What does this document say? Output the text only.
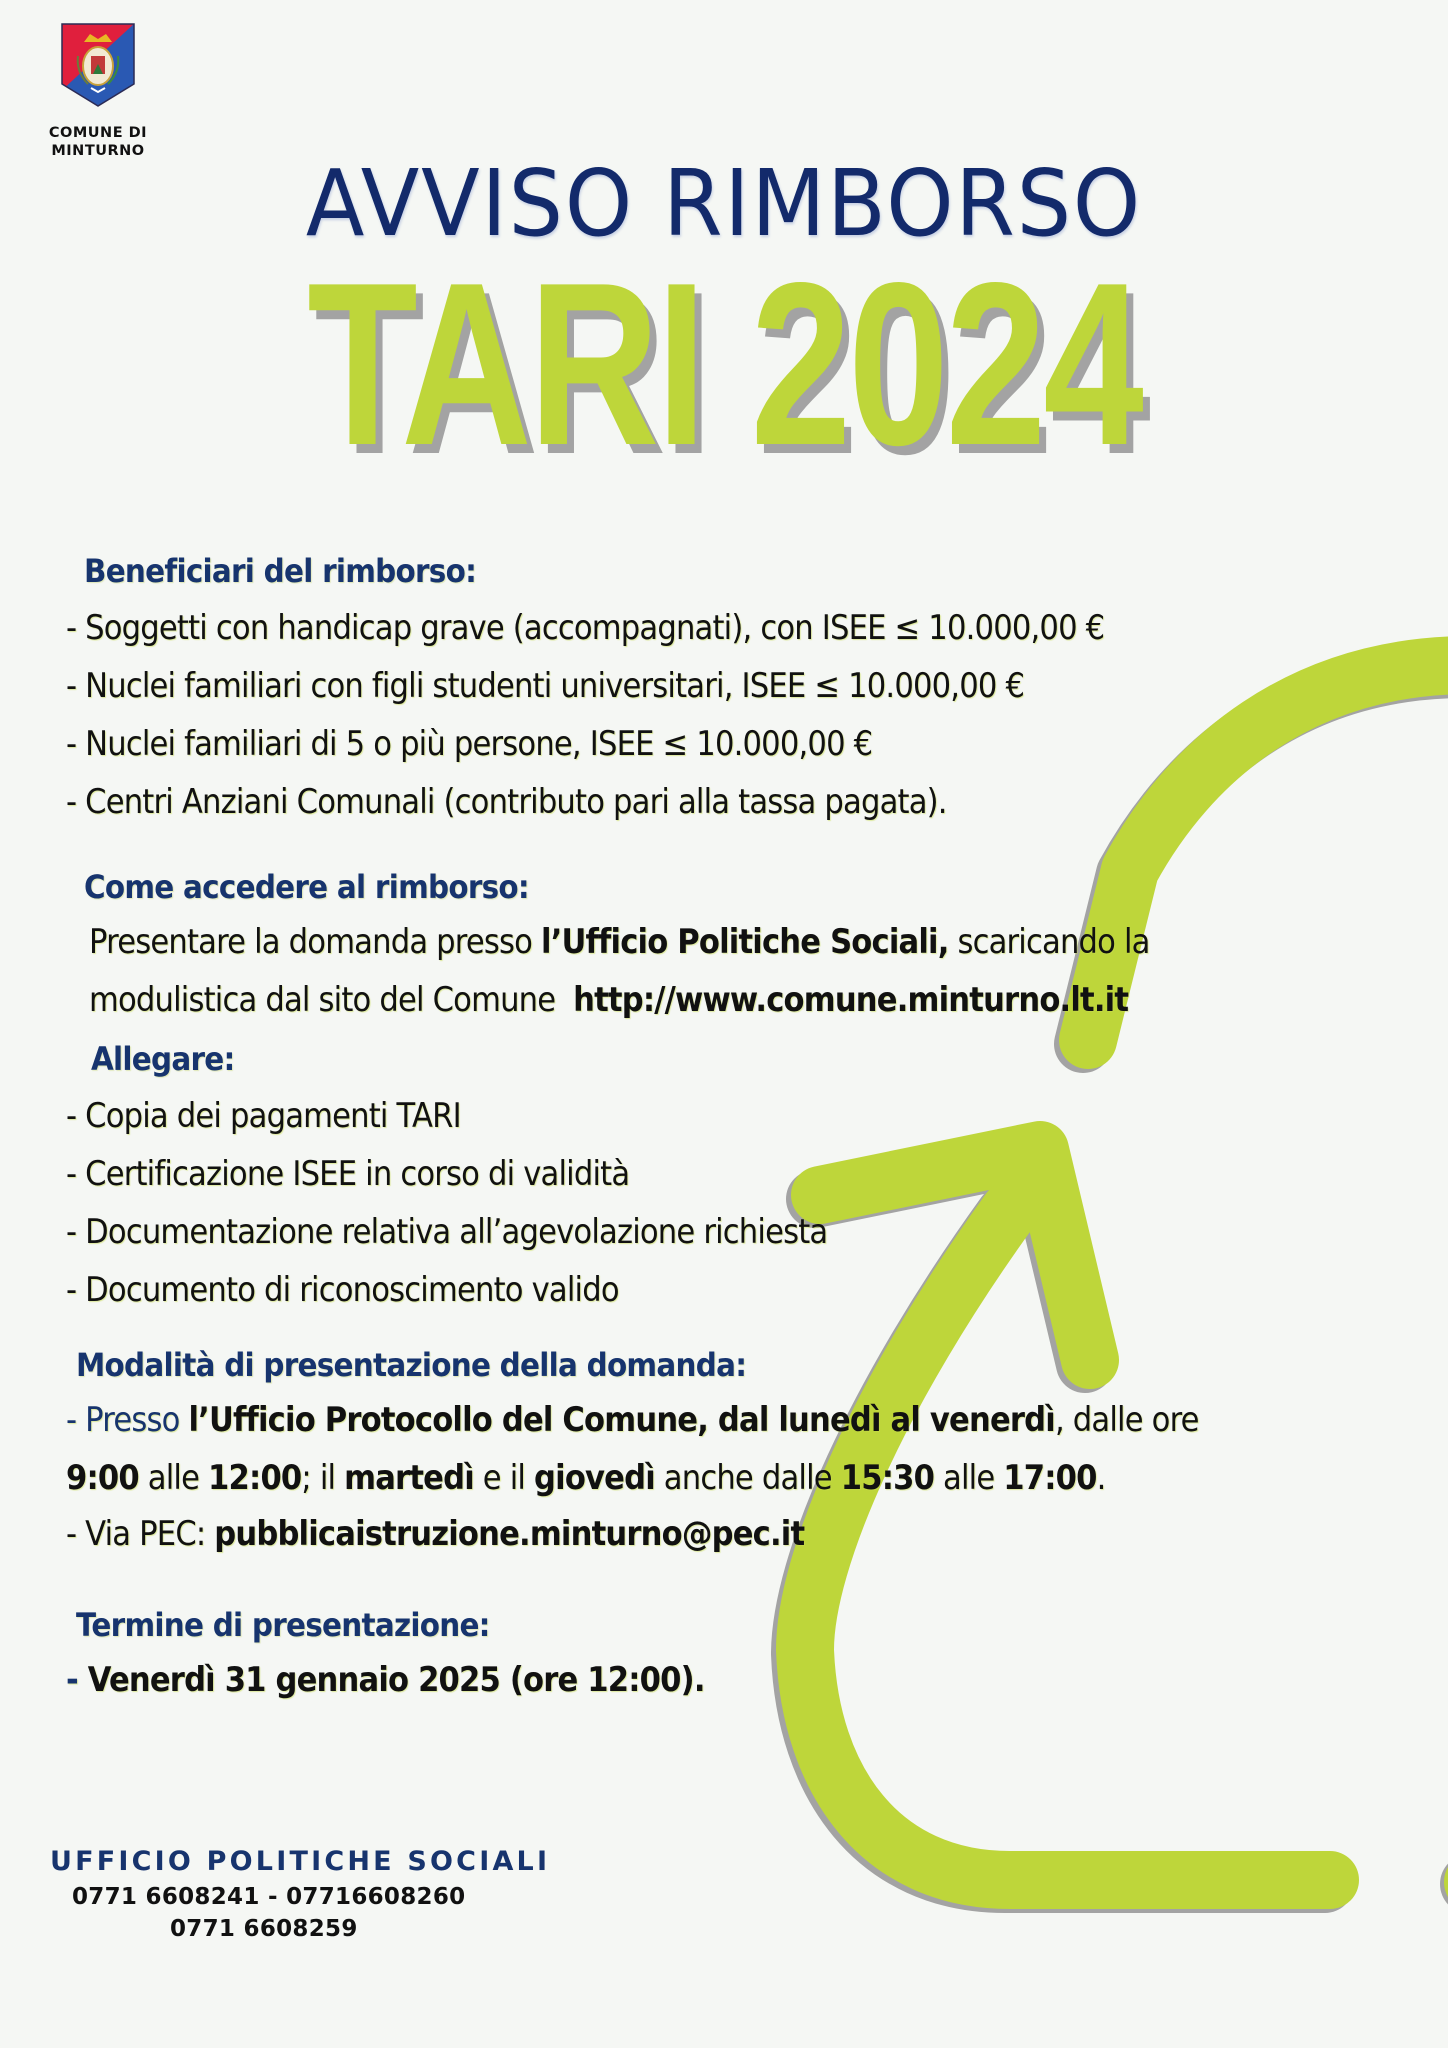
COMUNE DI
MINTURNO	AVVISO RIMBORSO
TARI 2024
Beneficiari del rimborso:
- Soggetti con handicap grave (accompagnati), con ISEE ≤ 10.000,00 €
- Nuclei familiari con figli studenti universitari, ISEE ≤ 10.000,00 €
- Nuclei familiari di 5 o più persone, ISEE ≤ 10.000,00 €
- Centri Anziani Comunali (contributo pari alla tassa pagata).
Come accedere al rimborso:
Presentare la domanda presso l’Ufficio Politiche Sociali, scaricando la
modulistica dal sito del Comune  http://www.comune.minturno.lt.it
Allegare:
- Copia dei pagamenti TARI
- Certificazione ISEE in corso di validità
- Documentazione relativa all’agevolazione richiesta
- Documento di riconoscimento valido
Modalità di presentazione della domanda:
- Presso l’Ufficio Protocollo del Comune, dal lunedì al venerdì, dalle ore
9:00 alle 12:00; il martedì e il giovedì anche dalle 15:30 alle 17:00.
- Via PEC: pubblicaistruzione.minturno@pec.it
Termine di presentazione:
- Venerdì 31 gennaio 2025 (ore 12:00).
UFFICIO POLITICHE SOCIALI
0771 6608241 - 07716608260
0771 6608259
